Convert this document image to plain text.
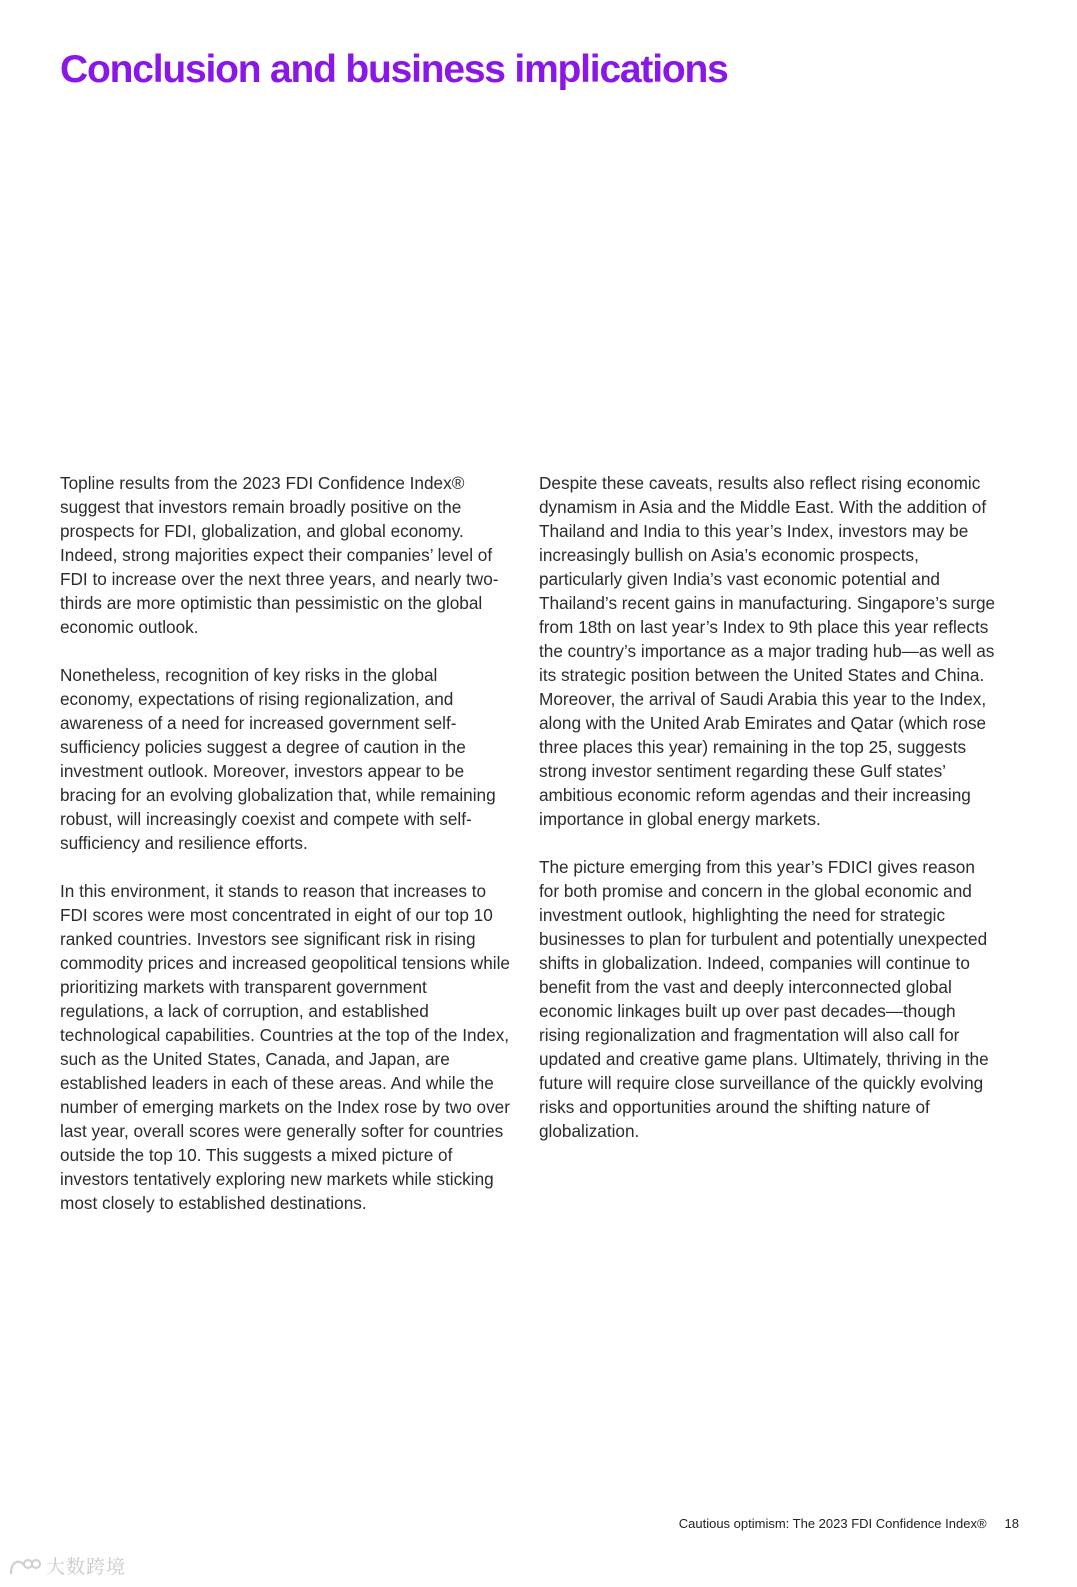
Conclusion and business implications

Topline results from the 2023 FDI Confidence Index® suggest that investors remain broadly positive on the prospects for FDI, globalization, and global economy. Indeed, strong majorities expect their companies’ level of FDI to increase over the next three years, and nearly two-thirds are more optimistic than pessimistic on the global economic outlook.

Nonetheless, recognition of key risks in the global economy, expectations of rising regionalization, and awareness of a need for increased government self-sufficiency policies suggest a degree of caution in the investment outlook. Moreover, investors appear to be bracing for an evolving globalization that, while remaining robust, will increasingly coexist and compete with self-sufficiency and resilience efforts.

In this environment, it stands to reason that increases to FDI scores were most concentrated in eight of our top 10 ranked countries. Investors see significant risk in rising commodity prices and increased geopolitical tensions while prioritizing markets with transparent government regulations, a lack of corruption, and established technological capabilities. Countries at the top of the Index, such as the United States, Canada, and Japan, are established leaders in each of these areas. And while the number of emerging markets on the Index rose by two over last year, overall scores were generally softer for countries outside the top 10. This suggests a mixed picture of investors tentatively exploring new markets while sticking most closely to established destinations.

Despite these caveats, results also reflect rising economic dynamism in Asia and the Middle East. With the addition of Thailand and India to this year’s Index, investors may be increasingly bullish on Asia’s economic prospects, particularly given India’s vast economic potential and Thailand’s recent gains in manufacturing. Singapore’s surge from 18th on last year’s Index to 9th place this year reflects the country’s importance as a major trading hub—as well as its strategic position between the United States and China. Moreover, the arrival of Saudi Arabia this year to the Index, along with the United Arab Emirates and Qatar (which rose three places this year) remaining in the top 25, suggests strong investor sentiment regarding these Gulf states’ ambitious economic reform agendas and their increasing importance in global energy markets.

The picture emerging from this year’s FDICI gives reason for both promise and concern in the global economic and investment outlook, highlighting the need for strategic businesses to plan for turbulent and potentially unexpected shifts in globalization. Indeed, companies will continue to benefit from the vast and deeply interconnected global economic linkages built up over past decades—though rising regionalization and fragmentation will also call for updated and creative game plans. Ultimately, thriving in the future will require close surveillance of the quickly evolving risks and opportunities around the shifting nature of globalization.

Cautious optimism: The 2023 FDI Confidence Index® 18
大数跨境
